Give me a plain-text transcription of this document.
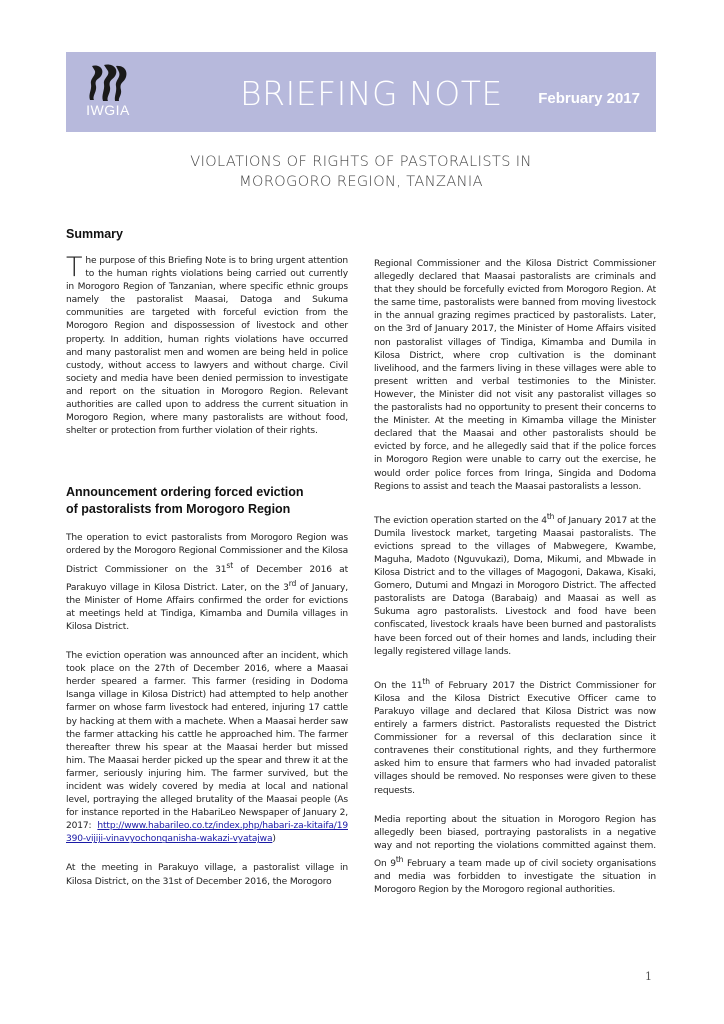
IWGIA	BRIEFING NOTE February 2017
VIOLATIONS OF RIGHTS OF PASTORALISTS IN
MOROGORO REGION, TANZANIA
Summary

The purpose of this Briefing Note is to bring urgent attention to the human rights violations being carried out currently in Morogoro Region of Tanzanian, where specific ethnic groups namely the pastoralist Maasai, Datoga and Sukuma communities are targeted with forceful eviction from the Morogoro Region and dispossession of livestock and other property. In addition, human rights violations have occurred and many pastoralist men and women are being held in police custody, without access to lawyers and without charge. Civil society and media have been denied permission to investigate and report on the situation in Morogoro Region. Relevant authorities are called upon to address the current situation in Morogoro Region, where many pastoralists are without food, shelter or protection from further violation of their rights.

Announcement ordering forced eviction
of pastoralists from Morogoro Region

The operation to evict pastoralists from Morogoro Region was ordered by the Morogoro Regional Commissioner and the Kilosa District Commissioner on the 31st of December 2016 at Parakuyo village in Kilosa District. Later, on the 3rd of January, the Minister of Home Affairs confirmed the order for evictions at meetings held at Tindiga, Kimamba and Dumila villages in Kilosa District.

The eviction operation was announced after an incident, which took place on the 27th of December 2016, where a Maasai herder speared a farmer. This farmer (residing in Dodoma Isanga village in Kilosa District) had attempted to help another farmer on whose farm livestock had entered, injuring 17 cattle by hacking at them with a machete. When a Maasai herder saw the farmer attacking his cattle he approached him. The farmer thereafter threw his spear at the Maasai herder but missed him. The Maasai herder picked up the spear and threw it at the farmer, seriously injuring him. The farmer survived, but the incident was widely covered by media at local and national level, portraying the alleged brutality of the Maasai people (As for instance reported in the HabariLeo Newspaper of January 2, 2017: http://www.habarileo.co.tz/index.php/habari-za-kitaifa/19390-vijiji-vinavyochonganisha-wakazi-vyatajwa)

At the meeting in Parakuyo village, a pastoralist village in Kilosa District, on the 31st of December 2016, the Morogoro

Regional Commissioner and the Kilosa District Commissioner allegedly declared that Maasai pastoralists are criminals and that they should be forcefully evicted from Morogoro Region. At the same time, pastoralists were banned from moving livestock in the annual grazing regimes practiced by pastoralists. Later, on the 3rd of January 2017, the Minister of Home Affairs visited non pastoralist villages of Tindiga, Kimamba and Dumila in Kilosa District, where crop cultivation is the dominant livelihood, and the farmers living in these villages were able to present written and verbal testimonies to the Minister. However, the Minister did not visit any pastoralist villages so the pastoralists had no opportunity to present their concerns to the Minister. At the meeting in Kimamba village the Minister declared that the Maasai and other pastoralists should be evicted by force, and he allegedly said that if the police forces in Morogoro Region were unable to carry out the exercise, he would order police forces from Iringa, Singida and Dodoma Regions to assist and teach the Maasai pastoralists a lesson.

The eviction operation started on the 4th of January 2017 at the Dumila livestock market, targeting Maasai pastoralists. The evictions spread to the villages of Mabwegere, Kwambe, Maguha, Madoto (Nguvukazi), Doma, Mikumi, and Mbwade in Kilosa District and to the villages of Magogoni, Dakawa, Kisaki, Gomero, Dutumi and Mngazi in Morogoro District. The affected pastoralists are Datoga (Barabaig) and Maasai as well as Sukuma agro pastoralists. Livestock and food have been confiscated, livestock kraals have been burned and pastoralists have been forced out of their homes and lands, including their legally registered village lands.

On the 11th of February 2017 the District Commissioner for Kilosa and the Kilosa District Executive Officer came to Parakuyo village and declared that Kilosa District was now entirely a farmers district. Pastoralists requested the District Commissioner for a reversal of this declaration since it contravenes their constitutional rights, and they furthermore asked him to ensure that farmers who had invaded patoralist villages should be removed. No responses were given to these requests.

Media reporting about the situation in Morogoro Region has allegedly been biased, portraying pastoralists in a negative way and not reporting the violations committed against them. On 9th February a team made up of civil society organisations and media was forbidden to investigate the situation in Morogoro Region by the Morogoro regional authorities.

1
